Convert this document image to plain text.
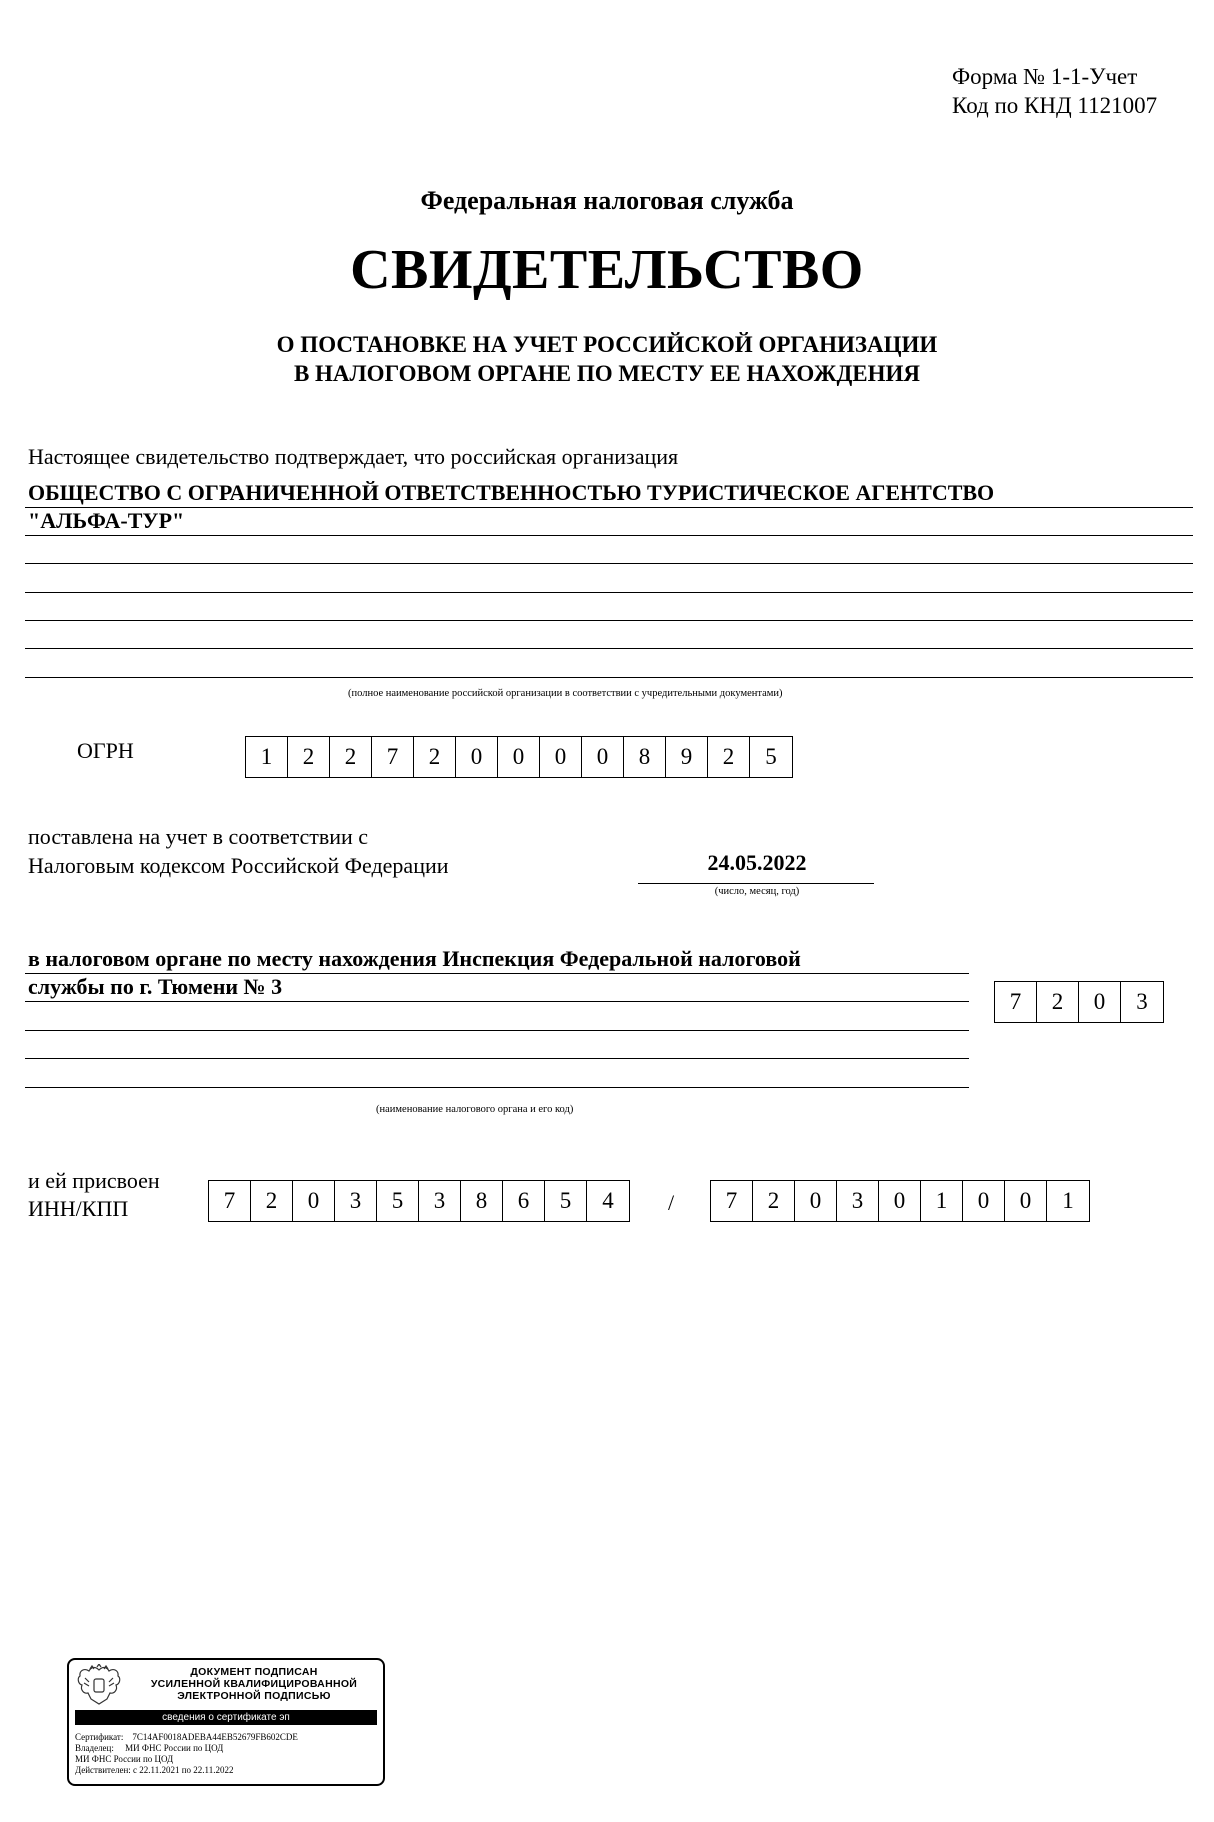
Форма № 1-1-Учет
Код по КНД 1121007
Федеральная налоговая служба
СВИДЕТЕЛЬСТВО
О ПОСТАНОВКЕ НА УЧЕТ РОССИЙСКОЙ ОРГАНИЗАЦИИ
В НАЛОГОВОМ ОРГАНЕ ПО МЕСТУ ЕЕ НАХОЖДЕНИЯ
Настоящее свидетельство подтверждает, что российская организация
ОБЩЕСТВО С ОГРАНИЧЕННОЙ ОТВЕТСТВЕННОСТЬЮ ТУРИСТИЧЕСКОЕ АГЕНТСТВО
"АЛЬФА-ТУР"
(полное наименование российской организации в соответствии с учредительными документами)
ОГРН	1	2	2	7	2	0	0	0	0	8	9	2	5
поставлена на учет в соответствии с
Налоговым кодексом Российской Федерации	24.05.2022
(число, месяц, год)
в налоговом органе по месту нахождения Инспекция Федеральной налоговой
службы по г. Тюмени № 3
7	2	0	3
(наименование налогового органа и его код)
и ей присвоен
ИНН/КПП	7	2	0	3	5	3	8	6	5	4	/	7	2	0	3	0	1	0	0	1
ДОКУМЕНТ ПОДПИСАН
УСИЛЕННОЙ КВАЛИФИЦИРОВАННОЙ
ЭЛЕКТРОННОЙ ПОДПИСЬЮ
сведения о сертификате эп
Сертификат: 7C14AF0018ADEBA44EB52679FB602CDE
Владелец: МИ ФНС России по ЦОД
МИ ФНС России по ЦОД
Действителен: с 22.11.2021 по 22.11.2022
